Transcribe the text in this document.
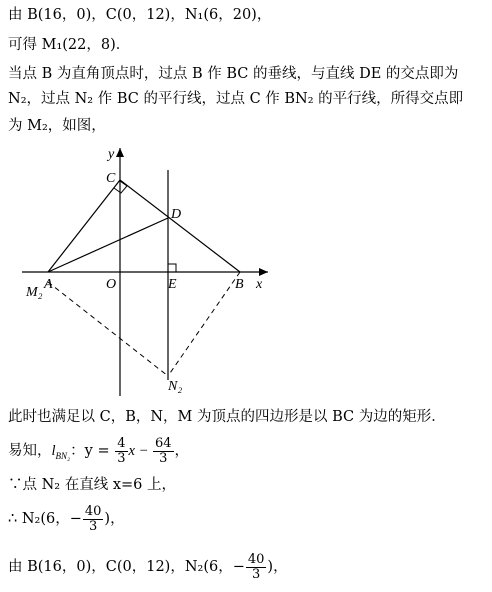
由 B(16，0)，C(0，12)，N₁(6，20)，
可得 M₁(22，8)．
当点 B 为直角顶点时，过点 B 作 BC 的垂线，与直线 DE 的交点即为
N₂，过点 N₂ 作 BC 的平行线，过点 C 作 BN₂ 的平行线，所得交点即
为 M₂，如图，
y
C
D
A	O	E	B x
M₂
N₂
此时也满足以 C，B，N，M 为顶点的四边形是以 BC 为边的矩形．
易知，$l_{BN_2}$：$y = \frac{4}{3}$ $x - \frac{64}{3}$ ，
∵点 N₂ 在直线 x=6 上，
∴ N₂(6，− $\frac{40}{3}$ )，
由 B(16，0)，C(0，12)，N₂(6，− $\frac{40}{3}$ )，
